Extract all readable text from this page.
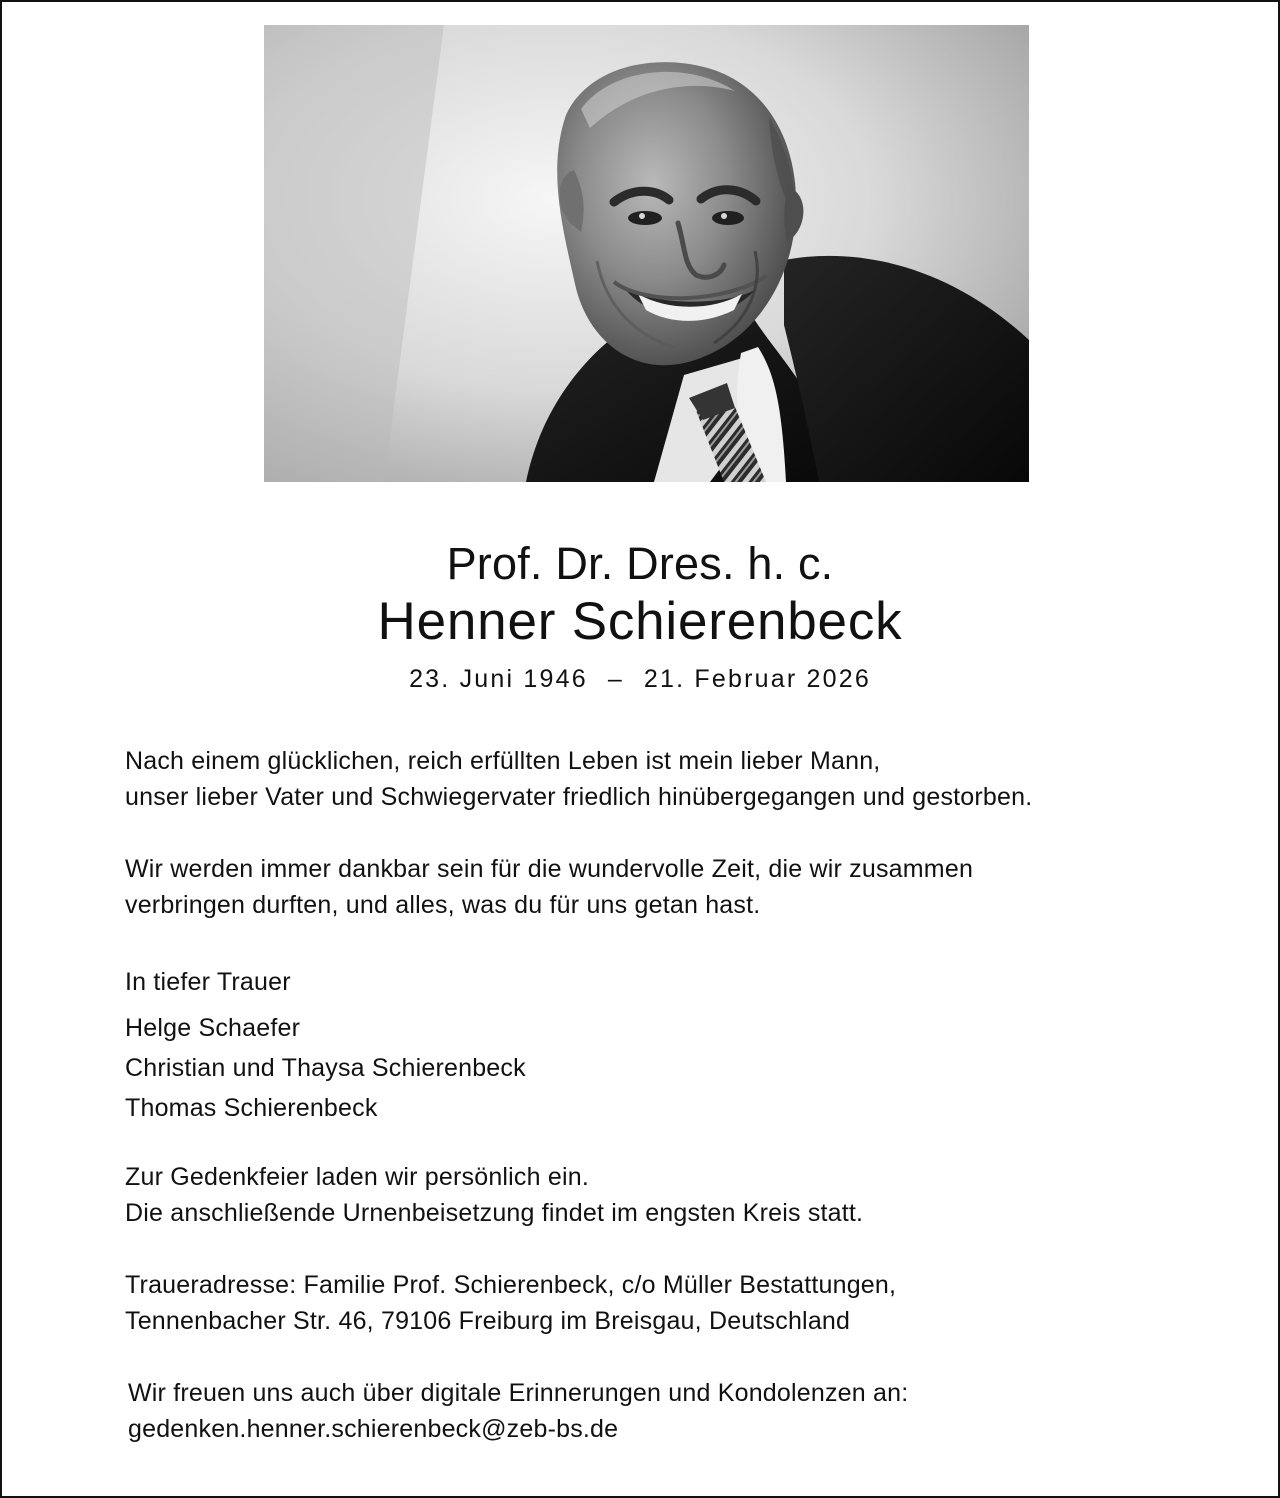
Prof. Dr. Dres. h. c.
Henner Schierenbeck
23. Juni 1946 – 21. Februar 2026
Nach einem glücklichen, reich erfüllten Leben ist mein lieber Mann,
unser lieber Vater und Schwiegervater friedlich hinübergegangen und gestorben.
Wir werden immer dankbar sein für die wundervolle Zeit, die wir zusammen
verbringen durften, und alles, was du für uns getan hast.
In tiefer Trauer
Helge Schaefer
Christian und Thaysa Schierenbeck
Thomas Schierenbeck
Zur Gedenkfeier laden wir persönlich ein.
Die anschließende Urnenbeisetzung findet im engsten Kreis statt.
Traueradresse: Familie Prof. Schierenbeck, c/o Müller Bestattungen,
Tennenbacher Str. 46, 79106 Freiburg im Breisgau, Deutschland
Wir freuen uns auch über digitale Erinnerungen und Kondolenzen an:
gedenken.henner.schierenbeck@zeb-bs.de
